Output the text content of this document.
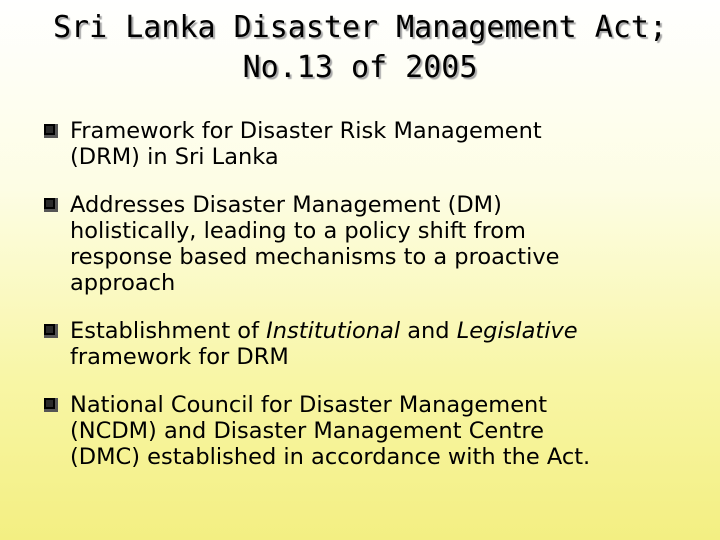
Sri Lanka Disaster Management Act;
No.13 of 2005
Framework for Disaster Risk Management
(DRM) in Sri Lanka
Addresses Disaster Management (DM)
holistically, leading to a policy shift from
response based mechanisms to a proactive
approach
Establishment of Institutional and Legislative
framework for DRM
National Council for Disaster Management
(NCDM) and Disaster Management Centre
(DMC) established in accordance with the Act.
